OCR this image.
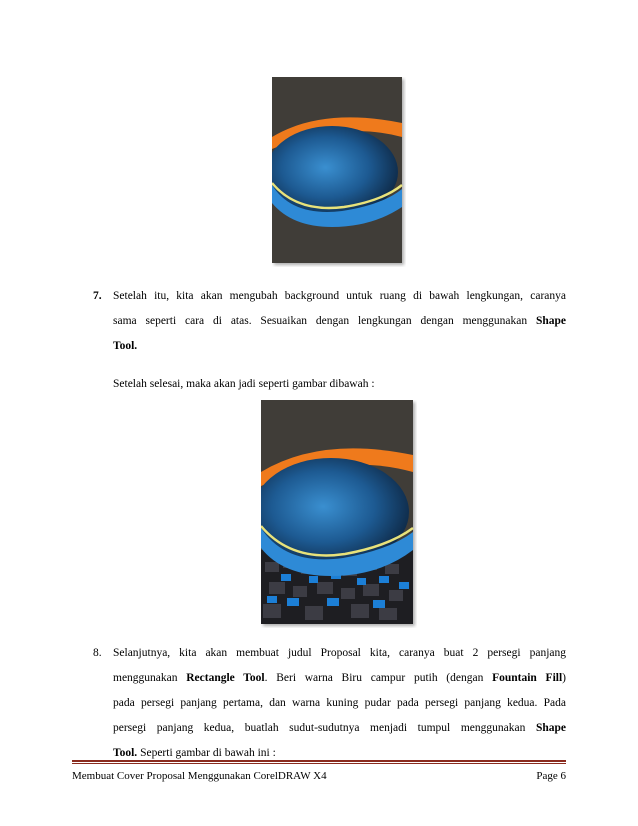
7. Setelah itu, kita akan mengubah background untuk ruang di bawah lengkungan, caranya
sama seperti cara di atas. Sesuaikan dengan lengkungan dengan menggunakan Shape
Tool.
Setelah selesai, maka akan jadi seperti gambar dibawah :
8. Selanjutnya, kita akan membuat judul Proposal kita, caranya buat 2 persegi panjang
menggunakan Rectangle Tool. Beri warna Biru campur putih (dengan Fountain Fill)
pada persegi panjang pertama, dan warna kuning pudar pada persegi panjang kedua. Pada
persegi panjang kedua, buatlah sudut-sudutnya menjadi tumpul menggunakan Shape
Tool. Seperti gambar di bawah ini :
Membuat Cover Proposal Menggunakan CorelDRAW X4	Page 6
